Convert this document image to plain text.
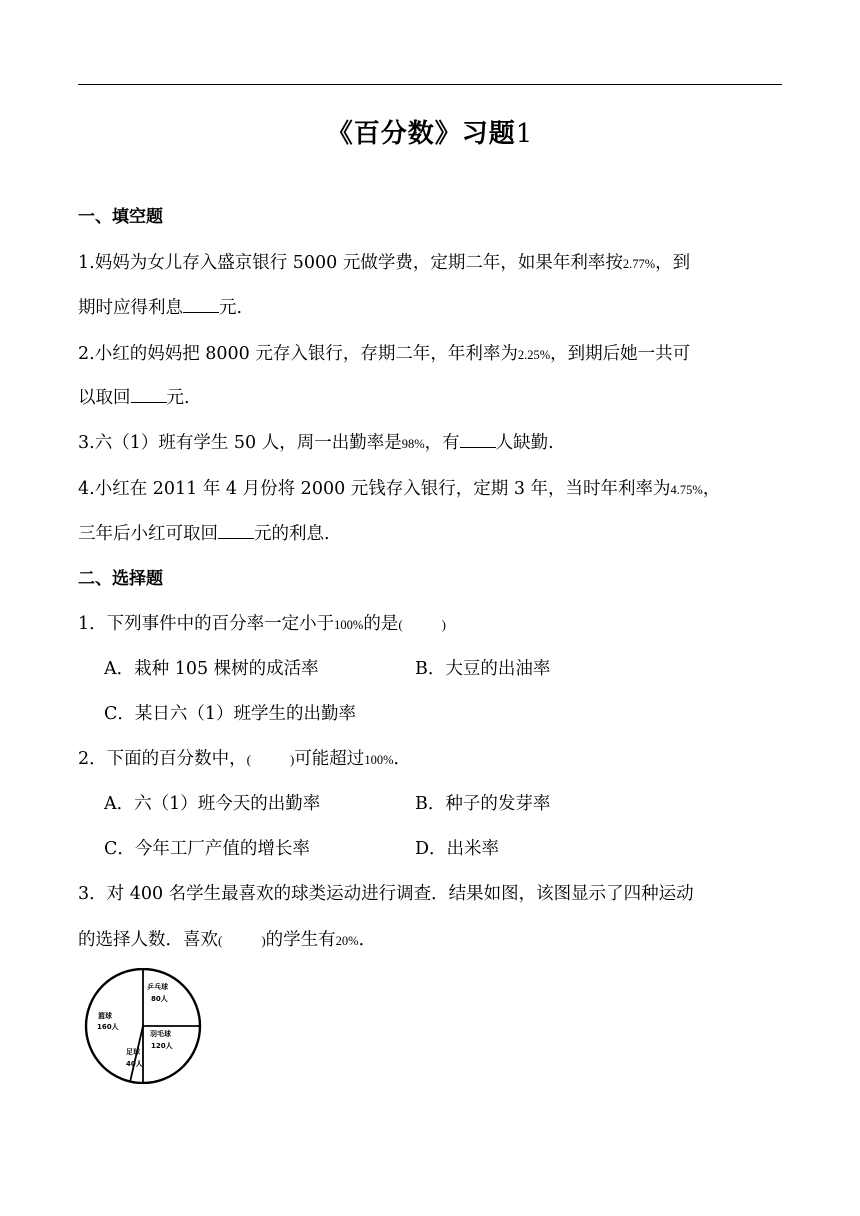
《百分数》习题1
一、填空题
1.妈妈为女儿存入盛京银行 5000 元做学费，定期二年，如果年利率按2.77%，到
期时应得利息 元.
2.小红的妈妈把 8000 元存入银行，存期二年，年利率为2.25%，到期后她一共可
以取回 元.
3.六（1）班有学生 50 人，周一出勤率是98%，有 人缺勤.
4.小红在 2011 年 4 月份将 2000 元钱存入银行，定期 3 年，当时年利率为4.75%，
三年后小红可取回 元的利息.
二、选择题
1．下列事件中的百分率一定小于100%的是(　　　)
A．栽种 105 棵树的成活率	B．大豆的出油率
C．某日六（1）班学生的出勤率
2．下面的百分数中，(　　　)可能超过100%．
A．六（1）班今天的出勤率	B．种子的发芽率
C．今年工厂产值的增长率	D．出米率
3．对 400 名学生最喜欢的球类运动进行调查．结果如图，该图显示了四种运动
的选择人数．喜欢(　　　)的学生有20%．
乒乓球
80人
羽毛球
120人
足球
40人
篮球
160人
